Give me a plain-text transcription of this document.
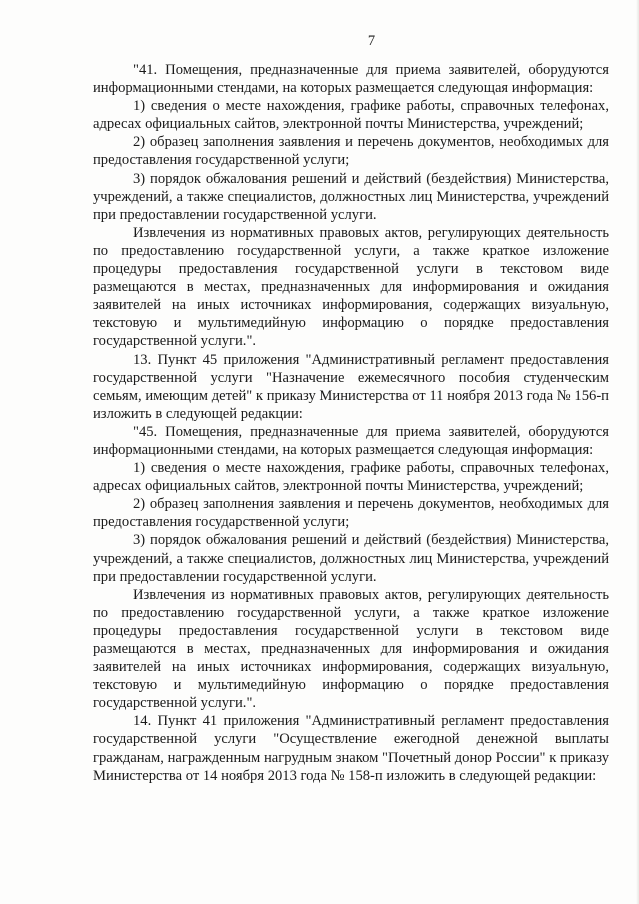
7

"41. Помещения, предназначенные для приема заявителей, оборудуются информационными стендами, на которых размещается следующая информация:

1) сведения о месте нахождения, графике работы, справочных телефонах, адресах официальных сайтов, электронной почты Министерства, учреждений;

2) образец заполнения заявления и перечень документов, необходимых для предоставления государственной услуги;

3) порядок обжалования решений и действий (бездействия) Министерства, учреждений, а также специалистов, должностных лиц Министерства, учреждений при предоставлении государственной услуги.

Извлечения из нормативных правовых актов, регулирующих деятельность по предоставлению государственной услуги, а также краткое изложение процедуры предоставления государственной услуги в текстовом виде размещаются в местах, предназначенных для информирования и ожидания заявителей на иных источниках информирования, содержащих визуальную, текстовую и мультимедийную информацию о порядке предоставления государственной услуги.".

13. Пункт 45 приложения "Административный регламент предоставления государственной услуги "Назначение ежемесячного пособия студенческим семьям, имеющим детей" к приказу Министерства от 11 ноября 2013 года № 156-п изложить в следующей редакции:

"45. Помещения, предназначенные для приема заявителей, оборудуются информационными стендами, на которых размещается следующая информация:

1) сведения о месте нахождения, графике работы, справочных телефонах, адресах официальных сайтов, электронной почты Министерства, учреждений;

2) образец заполнения заявления и перечень документов, необходимых для предоставления государственной услуги;

3) порядок обжалования решений и действий (бездействия) Министерства, учреждений, а также специалистов, должностных лиц Министерства, учреждений при предоставлении государственной услуги.

Извлечения из нормативных правовых актов, регулирующих деятельность по предоставлению государственной услуги, а также краткое изложение процедуры предоставления государственной услуги в текстовом виде размещаются в местах, предназначенных для информирования и ожидания заявителей на иных источниках информирования, содержащих визуальную, текстовую и мультимедийную информацию о порядке предоставления государственной услуги.".

14. Пункт 41 приложения "Административный регламент предоставления государственной услуги "Осуществление ежегодной денежной выплаты гражданам, награжденным нагрудным знаком "Почетный донор России" к приказу Министерства от 14 ноября 2013 года № 158-п изложить в следующей редакции:
